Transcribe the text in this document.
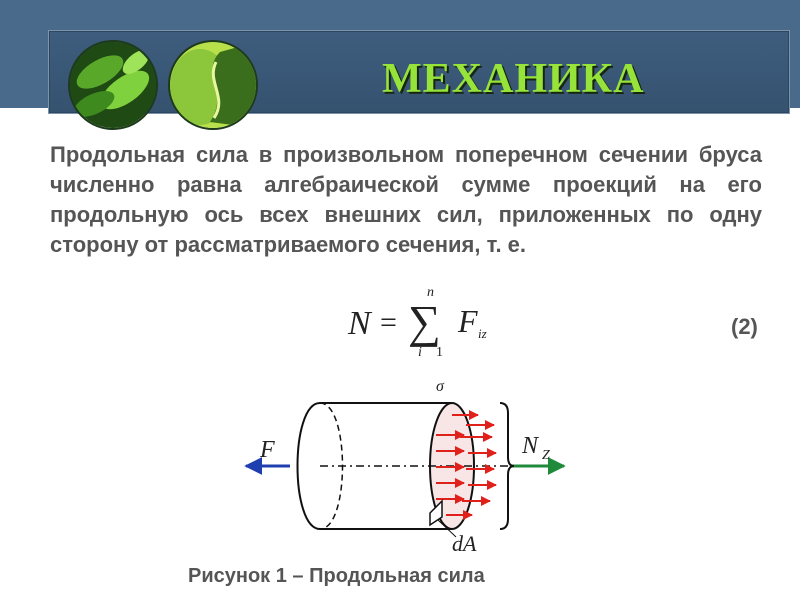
МЕХАНИКА
Продольная сила в произвольном поперечном сечении бруса численно равна алгебраической сумме проекций на его продольную ось всех внешних сил, приложенных по одну сторону от рассматриваемого сечения, т. е.
N =
n
∑
i 1
F iz	(2)
F	N Z
σ
dA
Рисунок 1 – Продольная сила
